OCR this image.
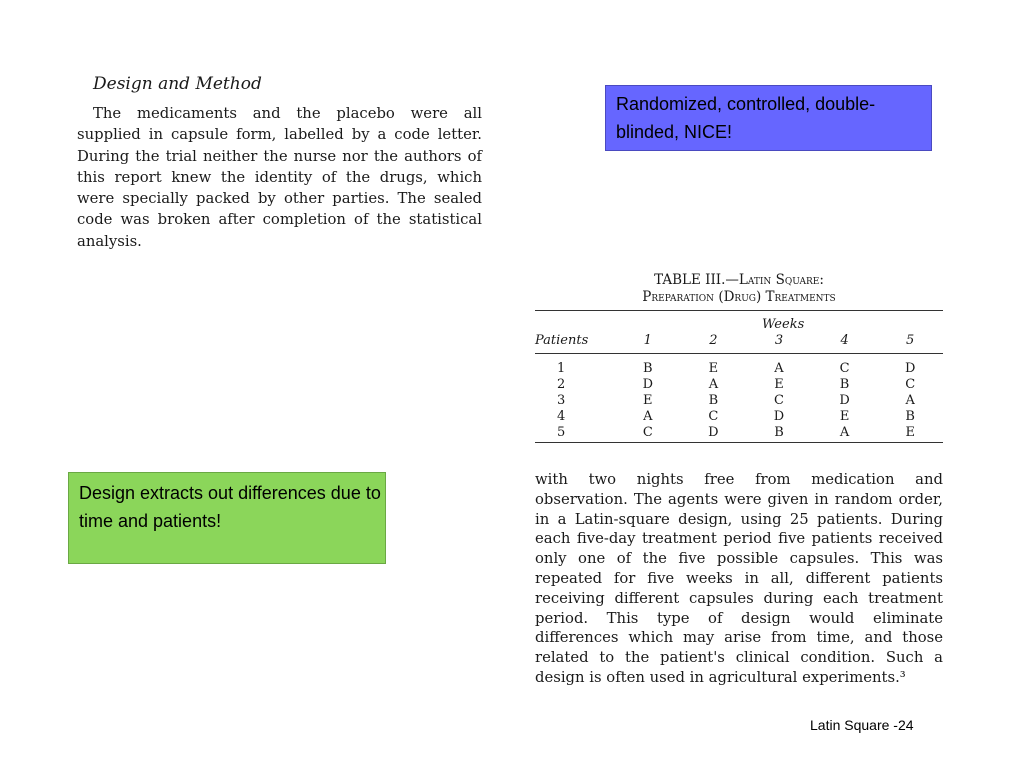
Design and Method

The medicaments and the placebo were all supplied in capsule form, labelled by a code letter. During the trial neither the nurse nor the authors of this report knew the identity of the drugs, which were specially packed by other parties. The sealed code was broken after completion of the statistical analysis.

Randomized, controlled, double-blinded, NICE!
TABLE III.—Latin Square:
Preparation (Drug) Treatments
Weeks
Patients	1	2	3	4	5
1	B	E	A	C	D
2	D	A	E	B	C
3	E	B	C	D	A
4	A	C	D	E	B
5	C	D	B	A	E
Design extracts out differences due to time and patients!

with two nights free from medication and observation. The agents were given in random order, in a Latin-square design, using 25 patients. During each five-day treatment period five patients received only one of the five possible capsules. This was repeated for five weeks in all, different patients receiving different capsules during each treatment period. This type of design would eliminate differences which may arise from time, and those related to the patient's clinical condition. Such a design is often used in agricultural experiments.³

Latin Square -24
